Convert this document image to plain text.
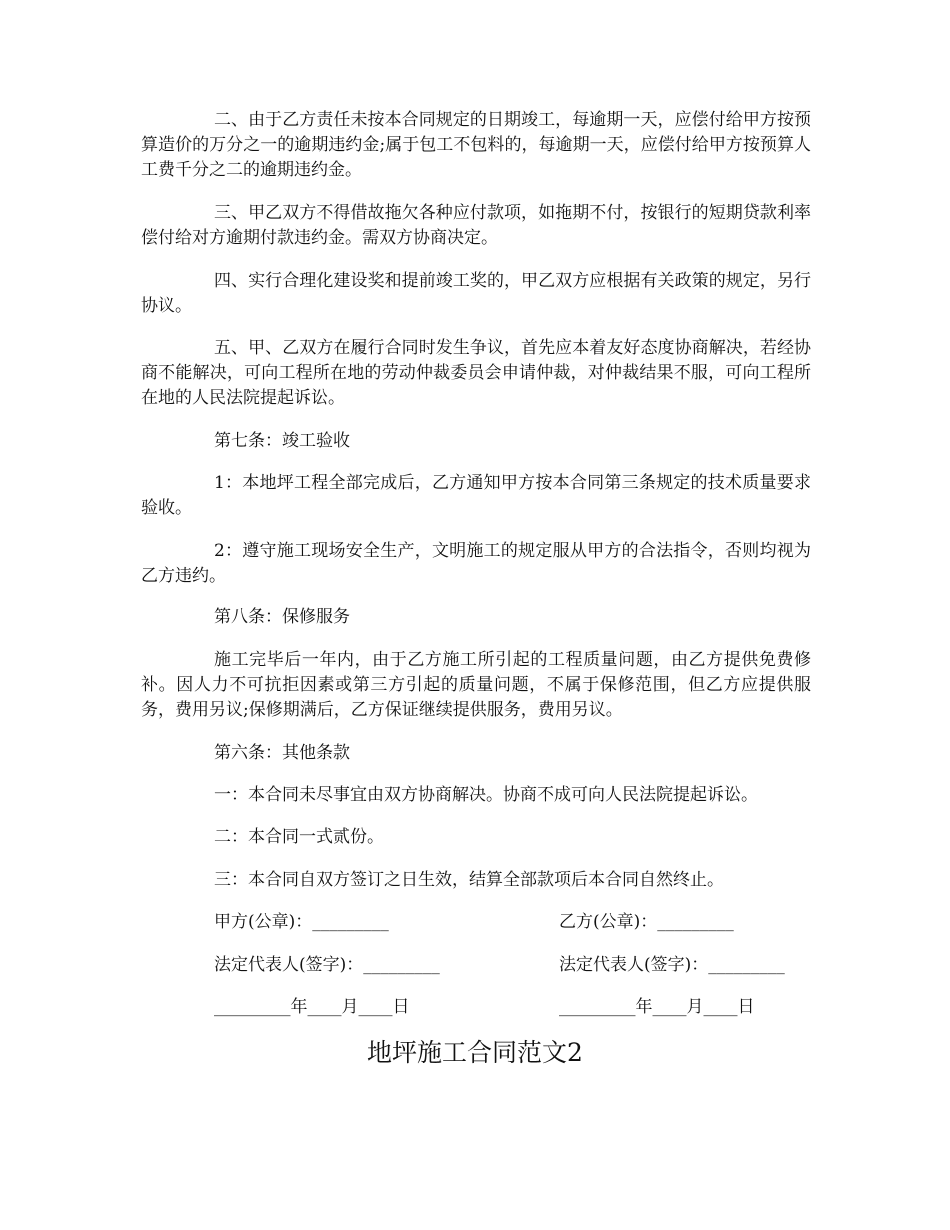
二、由于乙方责任未按本合同规定的日期竣工，每逾期一天，应偿付给甲方按预算造价的万分之一的逾期违约金;属于包工不包料的，每逾期一天，应偿付给甲方按预算人工费千分之二的逾期违约金。

三、甲乙双方不得借故拖欠各种应付款项，如拖期不付，按银行的短期贷款利率偿付给对方逾期付款违约金。需双方协商决定。

四、实行合理化建设奖和提前竣工奖的，甲乙双方应根据有关政策的规定，另行协议。

五、甲、乙双方在履行合同时发生争议，首先应本着友好态度协商解决，若经协商不能解决，可向工程所在地的劳动仲裁委员会申请仲裁，对仲裁结果不服，可向工程所在地的人民法院提起诉讼。

第七条：竣工验收

1：本地坪工程全部完成后，乙方通知甲方按本合同第三条规定的技术质量要求验收。

2：遵守施工现场安全生产，文明施工的规定服从甲方的合法指令，否则均视为乙方违约。

第八条：保修服务

施工完毕后一年内，由于乙方施工所引起的工程质量问题，由乙方提供免费修补。因人力不可抗拒因素或第三方引起的质量问题，不属于保修范围，但乙方应提供服务，费用另议;保修期满后，乙方保证继续提供服务，费用另议。

第六条：其他条款

一：本合同未尽事宜由双方协商解决。协商不成可向人民法院提起诉讼。

二：本合同一式贰份。

三：本合同自双方签订之日生效，结算全部款项后本合同自然终止。

甲方(公章)：_________	乙方(公章)：_________
法定代表人(签字)：_________	法定代表人(签字)：_________
_________年____月____日	_________年____月____日
地坪施工合同范文2
